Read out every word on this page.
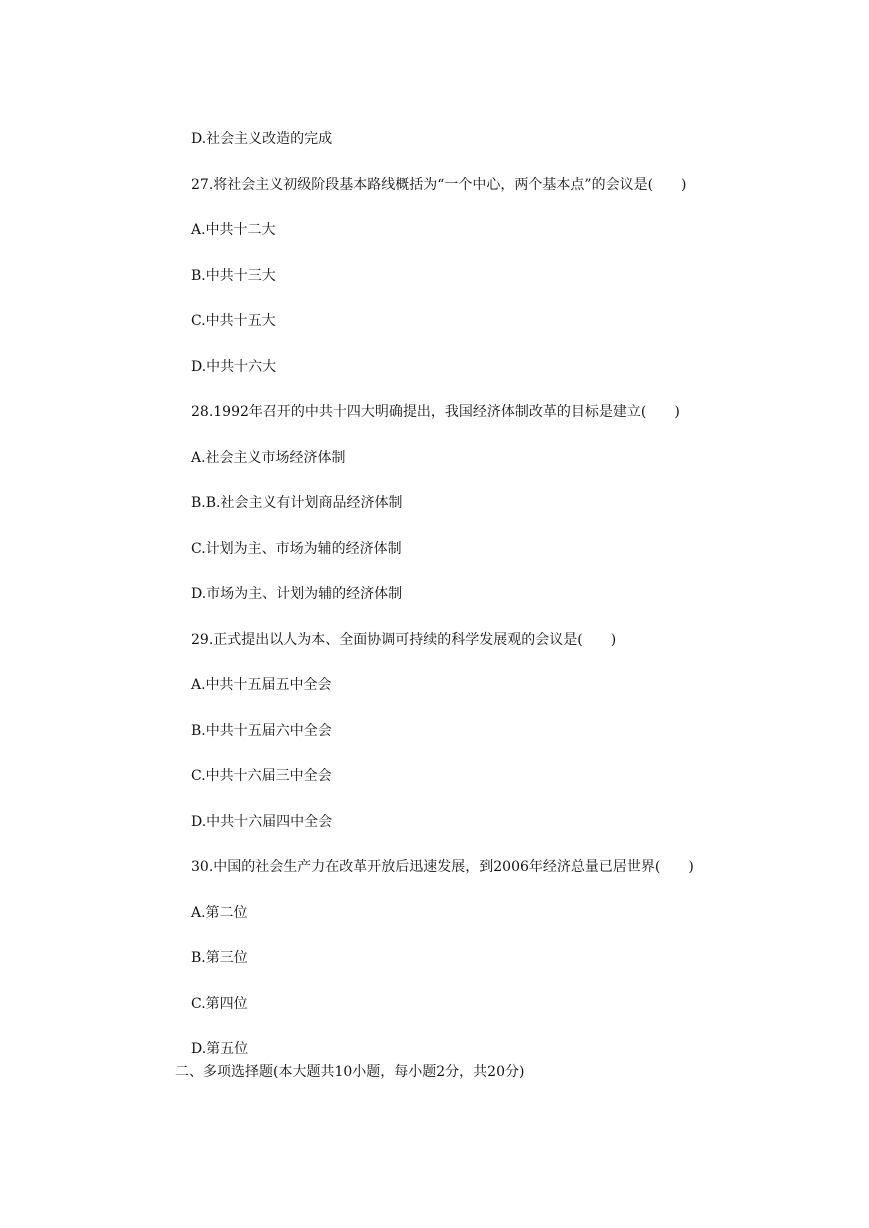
D.社会主义改造的完成
27.将社会主义初级阶段基本路线概括为“一个中心，两个基本点”的会议是(　　)
A.中共十二大
B.中共十三大
C.中共十五大
D.中共十六大
28.1992年召开的中共十四大明确提出，我国经济体制改革的目标是建立(　　)
A.社会主义市场经济体制
B.B.社会主义有计划商品经济体制
C.计划为主、市场为辅的经济体制
D.市场为主、计划为辅的经济体制
29.正式提出以人为本、全面协调可持续的科学发展观的会议是(　　)
A.中共十五届五中全会
B.中共十五届六中全会
C.中共十六届三中全会
D.中共十六届四中全会
30.中国的社会生产力在改革开放后迅速发展，到2006年经济总量已居世界(　　)
A.第二位
B.第三位
C.第四位
D.第五位
二、多项选择题(本大题共10小题，每小题2分，共20分)
